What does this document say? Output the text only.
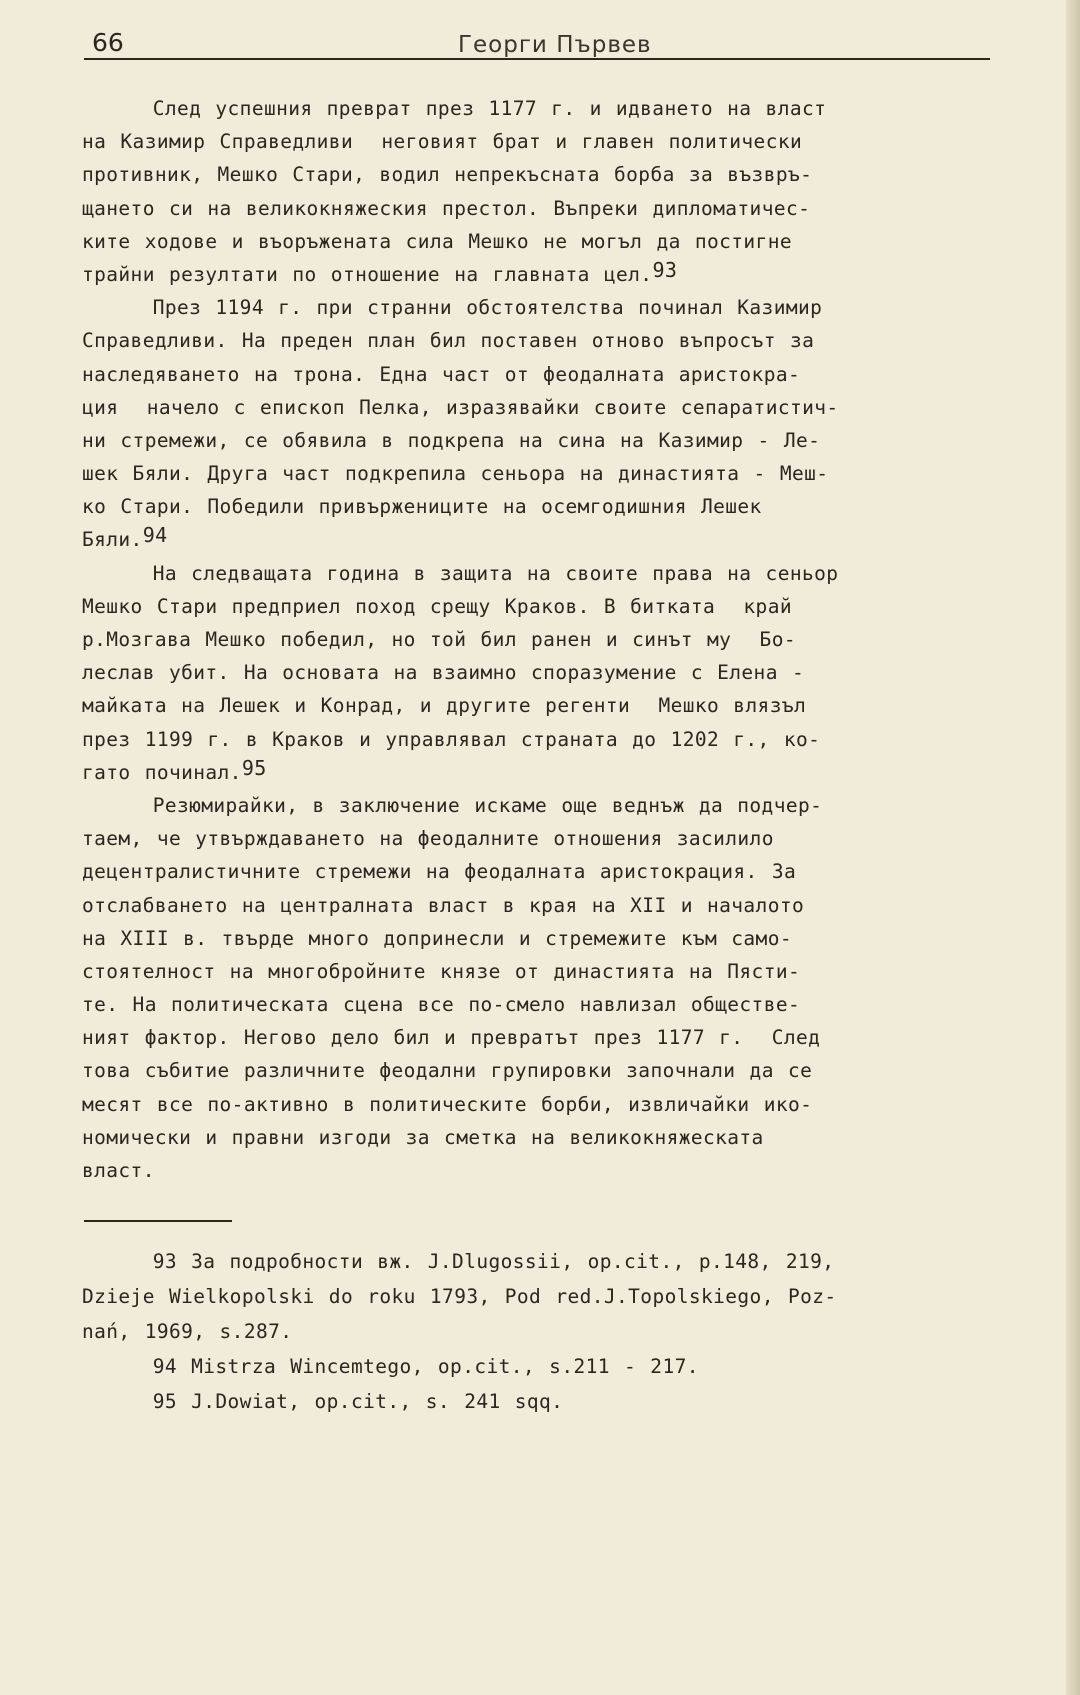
66	Георги Първев
След успешния преврат през 1177 г. и идването на власт
на Казимир Справедливи  неговият брат и главен политически
противник, Мешко Стари, водил непрекъсната борба за възвръ-
щането си на великокняжеския престол. Въпреки дипломатичес-
ките ходове и въоръжената сила Мешко не могъл да постигне
трайни резултати по отношение на главната цел.$^{93}$
През 1194 г. при странни обстоятелства починал Казимир
Справедливи. На преден план бил поставен отново въпросът за
наследяването на трона. Една част от феодалната аристокра-
ция  начело с епископ Пелка, изразявайки своите сепаратистич-
ни стремежи, се обявила в подкрепа на сина на Казимир - Ле-
шек Бяли. Друга част подкрепила сеньора на династията - Меш-
ко Стари. Победили привържениците на осемгодишния Лешек
Бяли.$^{94}$
На следващата година в защита на своите права на сеньор
Мешко Стари предприел поход срещу Краков. В битката  край
р.Мозгава Мешко победил, но той бил ранен и синът му  Бо-
леслав убит. На основата на взаимно споразумение с Елена -
майката на Лешек и Конрад, и другите регенти  Мешко влязъл
през 1199 г. в Краков и управлявал страната до 1202 г., ко-
гато починал.$^{95}$
Резюмирайки, в заключение искаме още веднъж да подчер-
таем, че утвърждаването на феодалните отношения засилило
децентралистичните стремежи на феодалната аристокрация. За
отслабването на централната власт в края на XII и началото
на XIII в. твърде много допринесли и стремежите към само-
стоятелност на многобройните князе от династията на Пясти-
те. На политическата сцена все по-смело навлизал обществе-
ният фактор. Негово дело бил и превратът през 1177 г.  След
това събитие различните феодални групировки започнали да се
месят все по-активно в политическите борби, извличайки ико-
номически и правни изгоди за сметка на великокняжеската
власт.
93 За подробности вж. J.Dlugossii, op.cit., p.148, 219,
Dzieje Wielkopolski do roku 1793, Pod red.J.Topolskiego, Poz-
nań, 1969, s.287.
94 Mistrza Wincemtego, op.cit., s.211 - 217.
95 J.Dowiat, op.cit., s. 241 sqq.
